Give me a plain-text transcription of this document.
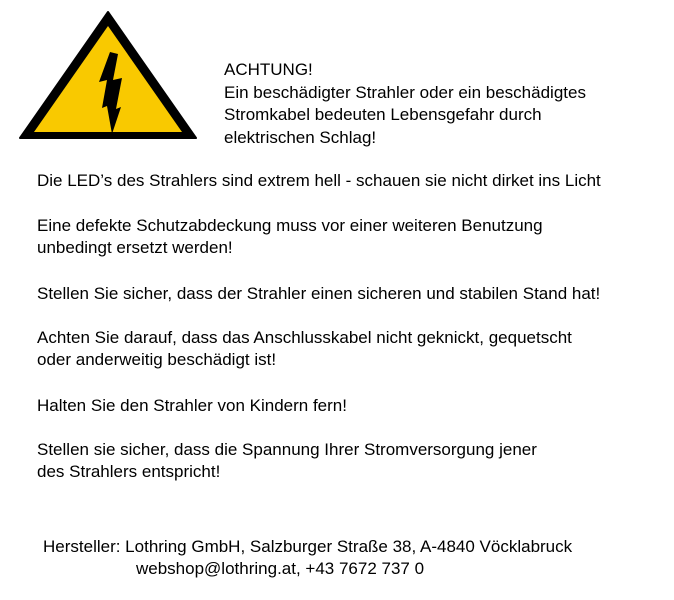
ACHTUNG!
Ein beschädigter Strahler oder ein beschädigtes
Stromkabel bedeuten Lebensgefahr durch
elektrischen Schlag!
Die LED’s des Strahlers sind extrem hell - schauen sie nicht dirket ins Licht
Eine defekte Schutzabdeckung muss vor einer weiteren Benutzung
unbedingt ersetzt werden!
Stellen Sie sicher, dass der Strahler einen sicheren und stabilen Stand hat!
Achten Sie darauf, dass das Anschlusskabel nicht geknickt, gequetscht
oder anderweitig beschädigt ist!
Halten Sie den Strahler von Kindern fern!
Stellen sie sicher, dass die Spannung Ihrer Stromversorgung jener
des Strahlers entspricht!
Hersteller: Lothring GmbH, Salzburger Straße 38, A-4840 Vöcklabruck
webshop@lothring.at, +43 7672 737 0
